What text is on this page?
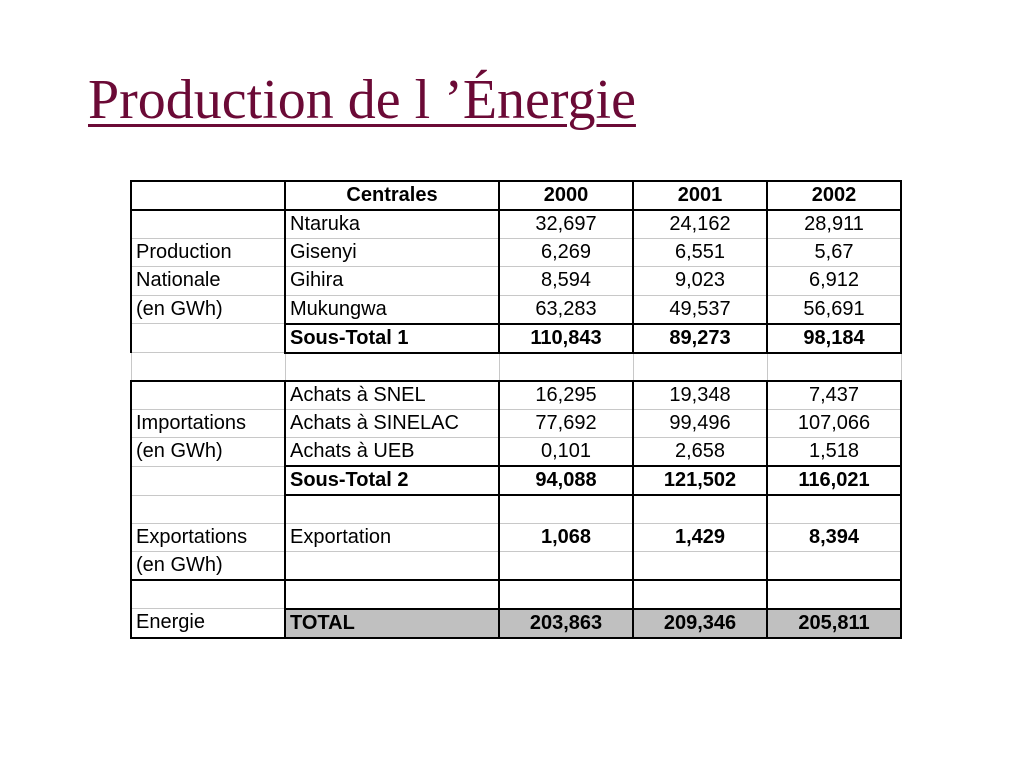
Production de l ’Énergie
	Centrales	2000	2001	2002
	Ntaruka	32,697	24,162	28,911
Production	Gisenyi	6,269	6,551	5,67
Nationale	Gihira	8,594	9,023	6,912
(en GWh)	Mukungwa	63,283	49,537	56,691
	Sous-Total 1	110,843	89,273	98,184

	Achats à SNEL	16,295	19,348	7,437
Importations	Achats à SINELAC	77,692	99,496	107,066
(en GWh)	Achats à UEB	0,101	2,658	1,518
	Sous-Total 2	94,088	121,502	116,021

Exportations	Exportation	1,068	1,429	8,394
(en GWh)				

Energie	TOTAL	203,863	209,346	205,811
